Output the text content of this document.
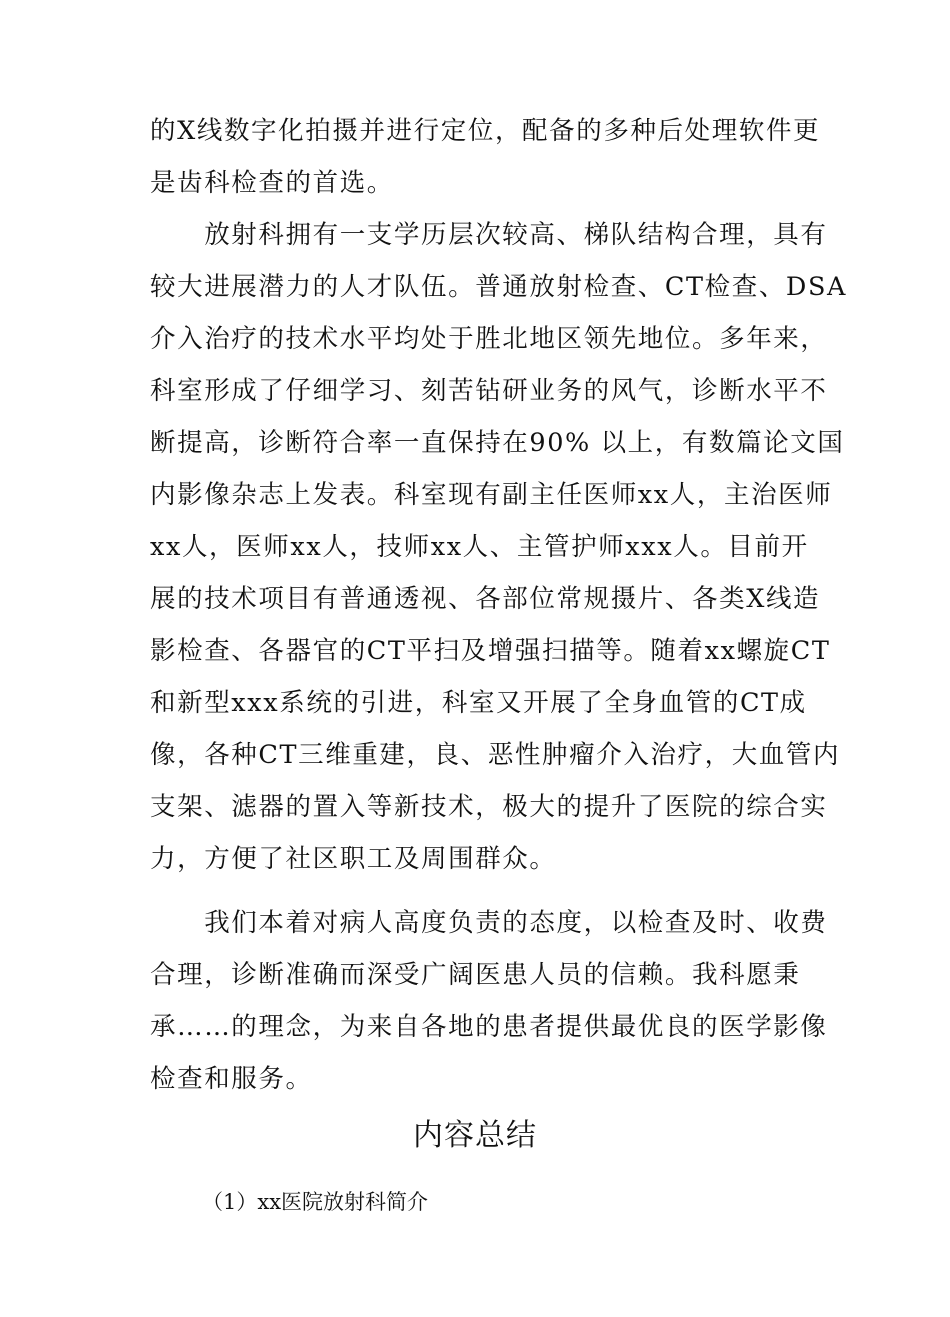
的X线数字化拍摄并进行定位，配备的多种后处理软件更
是齿科检查的首选。
　　放射科拥有一支学历层次较高、梯队结构合理，具有
较大进展潜力的人才队伍。普通放射检查、CT检查、DSA
介入治疗的技术水平均处于胜北地区领先地位。多年来，
科室形成了仔细学习、刻苦钻研业务的风气，诊断水平不
断提高，诊断符合率一直保持在90% 以上，有数篇论文国
内影像杂志上发表。科室现有副主任医师xx人，主治医师
xx人，医师xx人，技师xx人、主管护师xxx人。目前开
展的技术项目有普通透视、各部位常规摄片、各类X线造
影检查、各器官的CT平扫及增强扫描等。随着xx螺旋CT
和新型xxx系统的引进，科室又开展了全身血管的CT成
像，各种CT三维重建，良、恶性肿瘤介入治疗，大血管内
支架、滤器的置入等新技术，极大的提升了医院的综合实
力，方便了社区职工及周围群众。
　　我们本着对病人高度负责的态度，以检查及时、收费
合理，诊断准确而深受广阔医患人员的信赖。我科愿秉
承……的理念，为来自各地的患者提供最优良的医学影像
检查和服务。
内容总结

（1）xx医院放射科简介
